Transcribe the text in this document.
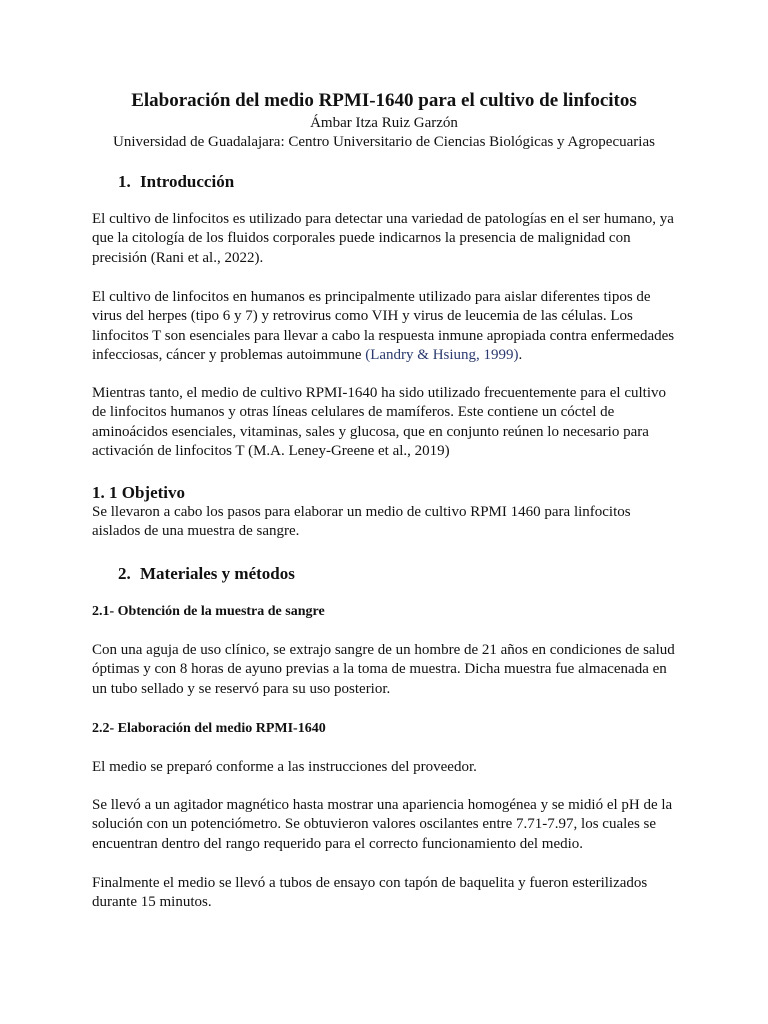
Elaboración del medio RPMI-1640 para el cultivo de linfocitos
Ámbar Itza Ruiz Garzón
Universidad de Guadalajara: Centro Universitario de Ciencias Biológicas y Agropecuarias
1. Introducción
El cultivo de linfocitos es utilizado para detectar una variedad de patologías en el ser humano, ya que la citología de los fluidos corporales puede indicarnos la presencia de malignidad con precisión (Rani et al., 2022).
El cultivo de linfocitos en humanos es principalmente utilizado para aislar diferentes tipos de virus del herpes (tipo 6 y 7) y retrovirus como VIH y virus de leucemia de las células. Los linfocitos T son esenciales para llevar a cabo la respuesta inmune apropiada contra enfermedades infecciosas, cáncer y problemas autoimmune (Landry & Hsiung, 1999).
Mientras tanto, el medio de cultivo RPMI-1640 ha sido utilizado frecuentemente para el cultivo de linfocitos humanos y otras líneas celulares de mamíferos. Este contiene un cóctel de aminoácidos esenciales, vitaminas, sales y glucosa, que en conjunto reúnen lo necesario para activación de linfocitos T (M.A. Leney-Greene et al., 2019)
1. 1 Objetivo
Se llevaron a cabo los pasos para elaborar un medio de cultivo RPMI 1460 para linfocitos aislados de una muestra de sangre.
2. Materiales y métodos
2.1- Obtención de la muestra de sangre
Con una aguja de uso clínico, se extrajo sangre de un hombre de 21 años en condiciones de salud óptimas y con 8 horas de ayuno previas a la toma de muestra. Dicha muestra fue almacenada en un tubo sellado y se reservó para su uso posterior.
2.2- Elaboración del medio RPMI-1640
El medio se preparó conforme a las instrucciones del proveedor.
Se llevó a un agitador magnético hasta mostrar una apariencia homogénea y se midió el pH de la solución con un potenciómetro. Se obtuvieron valores oscilantes entre 7.71-7.97, los cuales se encuentran dentro del rango requerido para el correcto funcionamiento del medio.
Finalmente el medio se llevó a tubos de ensayo con tapón de baquelita y fueron esterilizados durante 15 minutos.
